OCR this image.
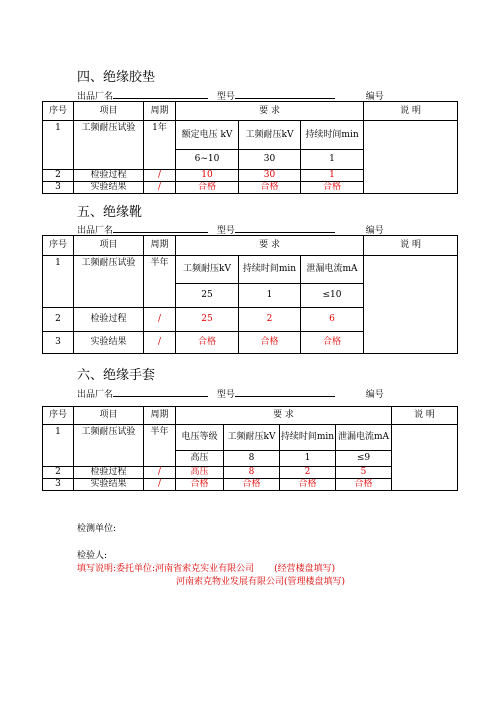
四、绝缘胶垫
出品厂名	型号	编号
序号	项目	周期	要 求			说 明
1	工频耐压试验	1年	额定电压 kV	工频耐压kV	持续时间min	
			6~10	30	1	
2	检验过程	/	10	30	1	
3	实验结果	/	合格	合格	合格	
五、绝缘靴
出品厂名	型号	编号
序号	项目	周期	要 求			说 明
1	工频耐压试验	半年	工频耐压kV	持续时间min	泄漏电流mA	
			25	1	≤10	
2	检验过程	/	25	2	6	
3	实验结果	/	合格	合格	合格	
六、绝缘手套
出品厂名	型号	编号
序号	项目	周期	要 求				说 明
1	工频耐压试验	半年	电压等级	工频耐压kV	持续时间min	泄漏电流mA	
			高压	8	1	≤9	
2	检验过程	/	高压	8	2	5	
3	实验结果	/	合格	合格	合格	合格	
检测单位:
检验人:
填写说明:委托单位:河南省索克实业有限公司 (经营楼盘填写)
河南索克物业发展有限公司(管理楼盘填写)
